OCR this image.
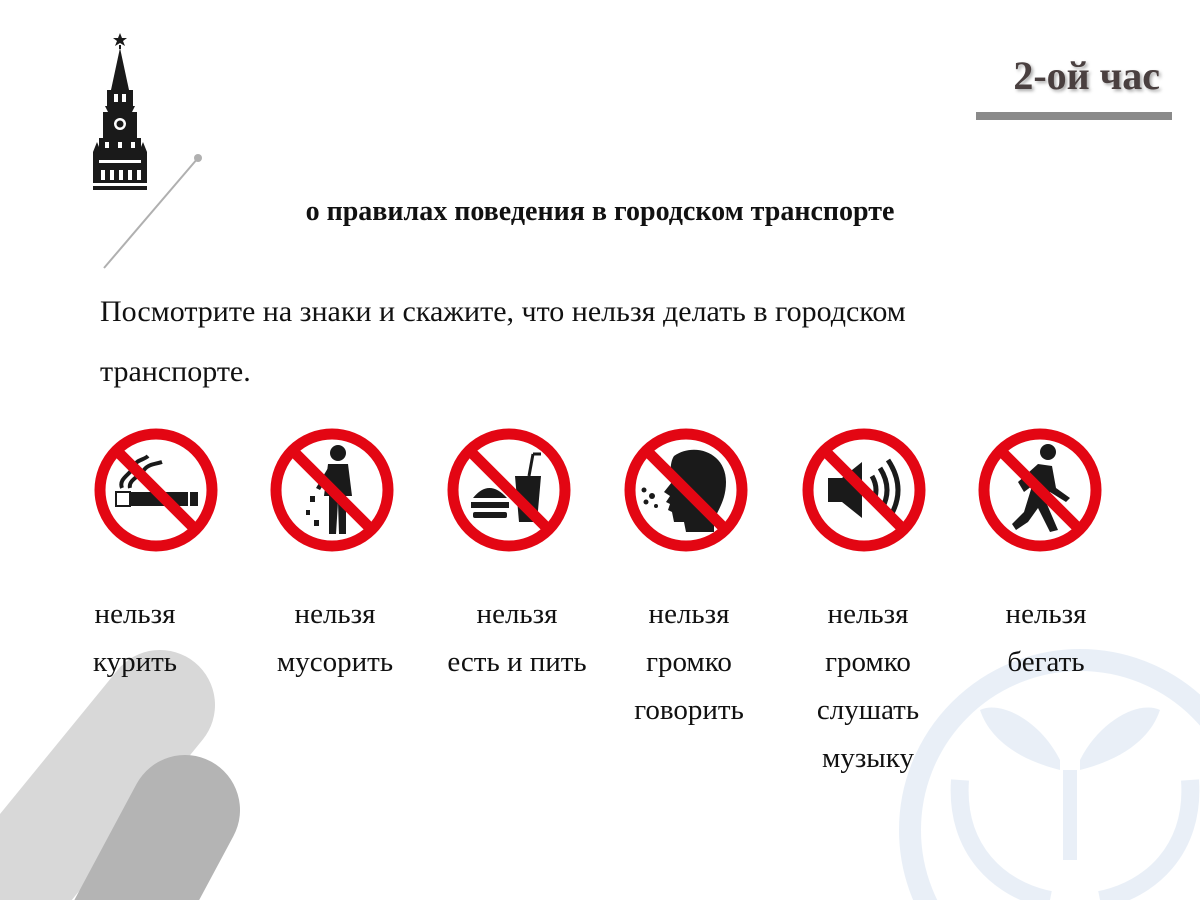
2-ой час
о правилах поведения в городском транспорте
Посмотрите на знаки и скажите, что нельзя делать в городском транспорте.
нельзя
курить
нельзя
мусорить
нельзя
есть и пить
нельзя
громко
говорить
нельзя
громко
слушать
музыку
нельзя
бегать
